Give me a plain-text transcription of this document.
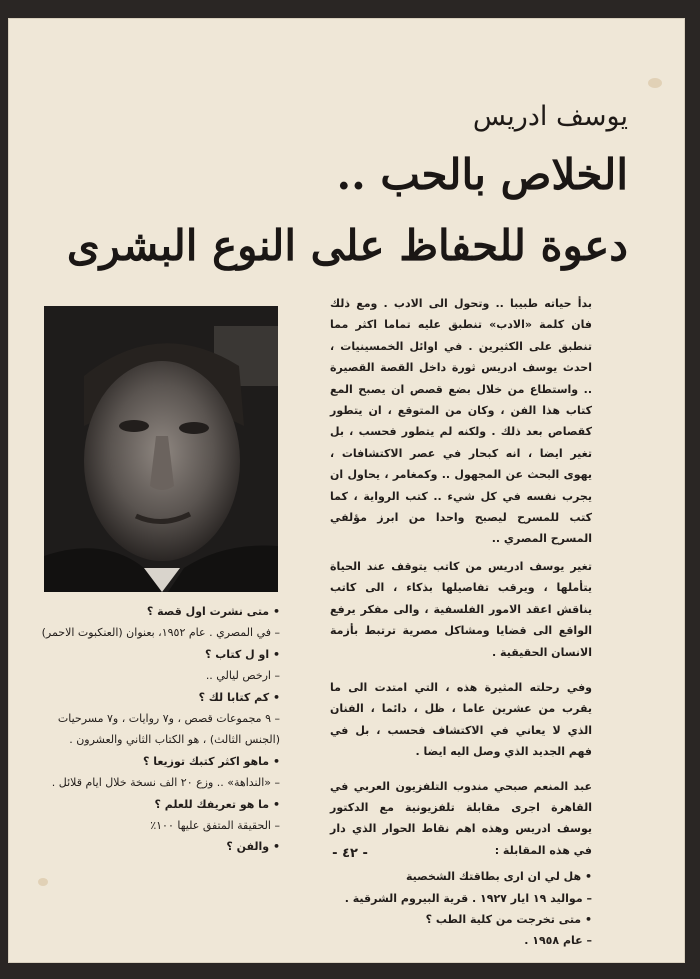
يوسف ادريس
الخلاص بالحب ..
دعوة للحفاظ على النوع البشرى

بدأ حياته طبيبا .. وتحول الى الادب . ومع ذلك فان كلمة «الادب» تنطبق عليه تماما اكثر مما تنطبق على الكثيرين . في اوائل الخمسينيات ، احدث يوسف ادريس ثورة داخل القصة القصيرة .. واستطاع من خلال بضع قصص ان يصبح المع كتاب هذا الفن ، وكان من المتوقع ، ان يتطور كقصاص بعد ذلك . ولكنه لم يتطور فحسب ، بل تغير ايضا ، انه كبحار في عصر الاكتشافات ، يهوى البحث عن المجهول .. وكمغامر ، يحاول ان يجرب نفسه في كل شيء .. كتب الرواية ، كما كتب للمسرح ليصبح واحدا من ابرز مؤلفي المسرح المصري ..

تغير يوسف ادريس من كاتب يتوقف عند الحياة يتأملها ، ويرقب تفاصيلها بذكاء ، الى كاتب يناقش اعقد الامور الفلسفية ، والى مفكر يرفع الواقع الى قضايا ومشاكل مصرية ترتبط بأزمة الانسان الحقيقية .

وفي رحلته المثيرة هذه ، التي امتدت الى ما يقرب من عشرين عاما ، ظل ، دائما ، الفنان الذي لا يعاني في الاكتشاف فحسب ، بل في فهم الجديد الذي وصل اليه ايضا .

عبد المنعم صبحي مندوب التلفزيون العربي في القاهرة اجرى مقابلة تلفزيونية مع الدكتور يوسف ادريس وهذه اهم نقاط الحوار الذي دار في هذه المقابلة :

• هل لي ان ارى بطاقتك الشخصية
– مواليد ١٩ ايار ١٩٢٧ . قرية البيروم الشرقية .
• متى تخرجت من كلية الطب ؟
– عام ١٩٥٨ .
• متى نشرت اول قصة ؟
– في المصري . عام ١٩٥٢، بعنوان (العنكبوت الاحمر)
• او ل كتاب ؟
– ارخص ليالي ..
• كم كتابا لك ؟
– ٩ مجموعات قصص ، و٧ روايات ، و٧ مسرحيات (الجنس الثالث) ، هو الكتاب الثاني والعشرون .
• ماهو اكثر كتبك توزيعا ؟
– «النداهة» .. وزع ٢٠ الف نسخة خلال ايام قلائل .
• ما هو تعريفك للعلم ؟
– الحقيقة المتفق عليها ١٠٠٪
• والفن ؟	- ٤٢ -
